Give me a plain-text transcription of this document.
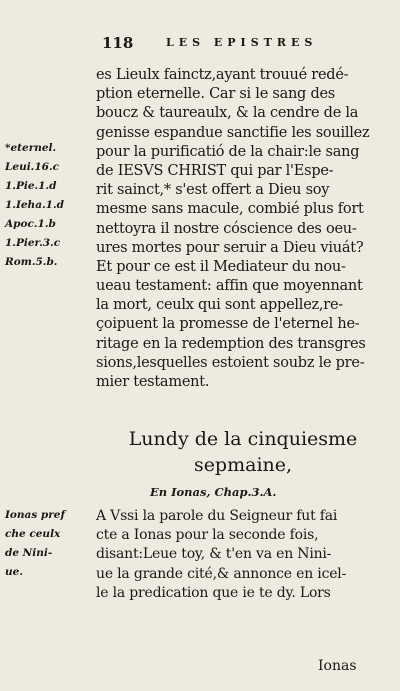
118	LES EPISTRES
*eternel.
Leui.16.c
1.Pie.1.d
1.Ieha.1.d
Apoc.1.b
1.Pier.3.c
Rom.5.b.
Ionas pref
che ceulx
de Nini-
ue.
es Lieulx fainctz,ayant trouué redé-
ption eternelle. Car si le sang des
boucz & taureaulx, & la cendre de la
genisse espandue sanctifie les souillez
pour la purificatió de la chair:le sang
de IESVS CHRIST qui par l'Espe-
rit sainct,* s'est offert a Dieu soy
mesme sans macule, combié plus fort
nettoyra il nostre cóscience des oeu-
ures mortes pour seruir a Dieu viuát?
Et pour ce est il Mediateur du nou-
ueau testament: affin que moyennant
la mort, ceulx qui sont appellez,re-
çoipuent la promesse de l'eternel he-
ritage en la redemption des transgres
sions,lesquelles estoient soubz le pre-
mier testament.
Lundy de la cinquiesme
sepmaine,
En Ionas, Chap.3.A.
A Vssi la parole du Seigneur fut fai
cte a Ionas pour la seconde fois,
disant:Leue toy, & t'en va en Nini-
ue la grande cité,& annonce en icel-
le la predication que ie te dy. Lors
Ionas
